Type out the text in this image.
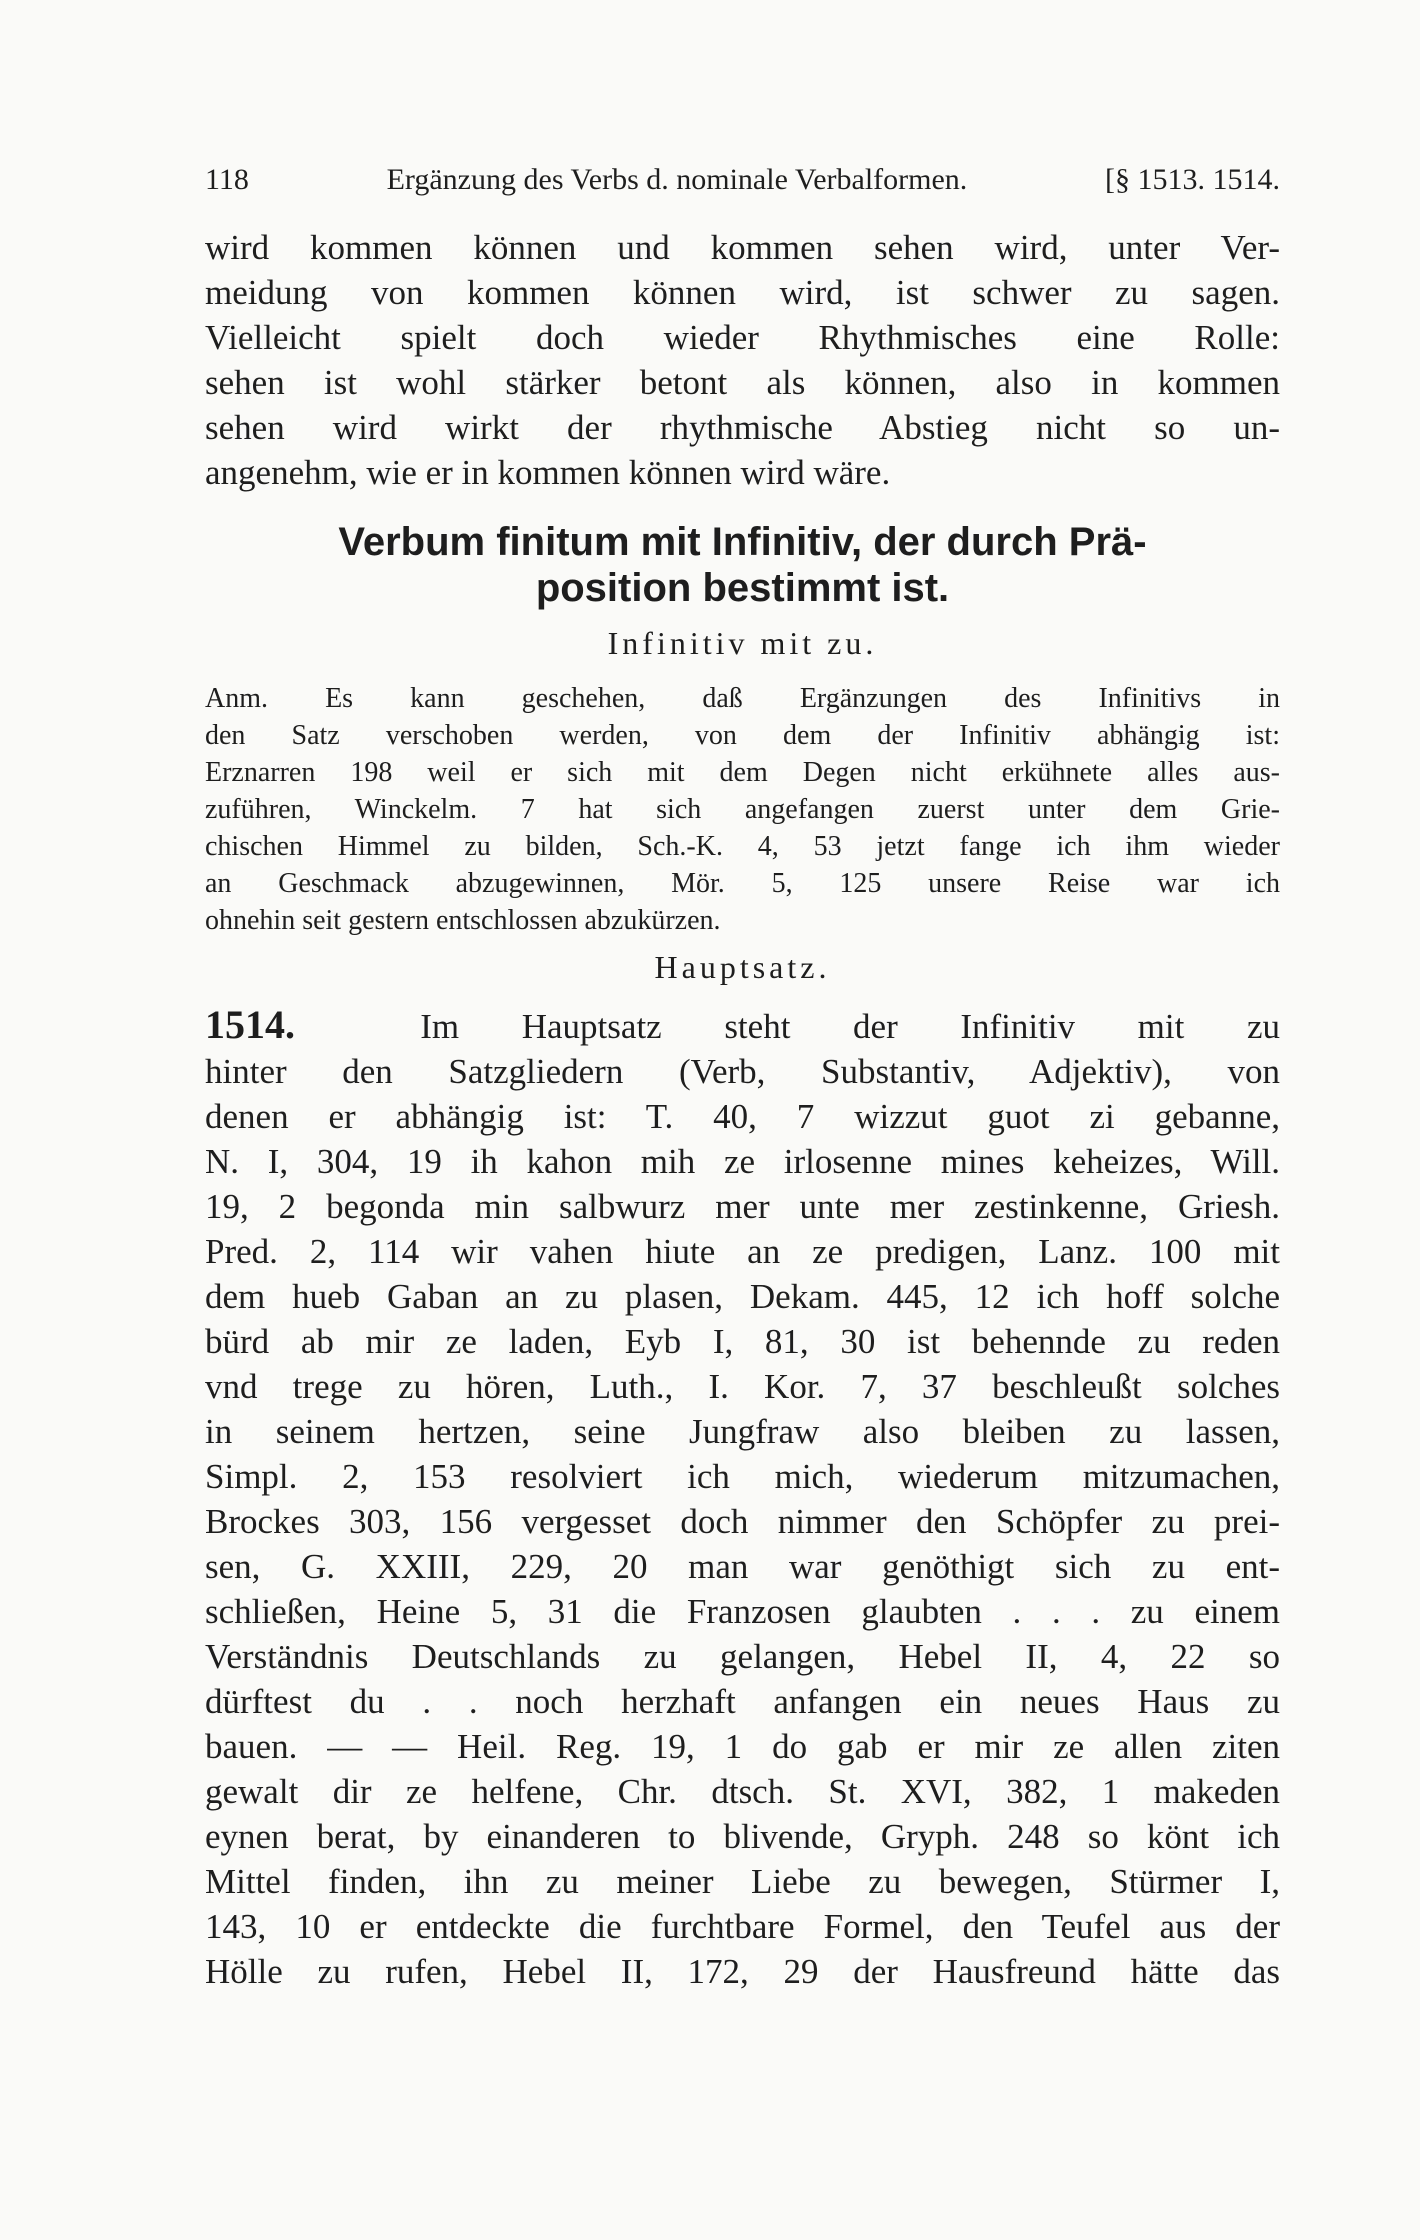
118	Ergänzung des Verbs d. nominale Verbalformen.	[§ 1513. 1514.
wird kommen können und kommen sehen wird, unter Ver-
meidung von kommen können wird, ist schwer zu sagen.
Vielleicht spielt doch wieder Rhythmisches eine Rolle:
sehen ist wohl stärker betont als können, also in kommen
sehen wird wirkt der rhythmische Abstieg nicht so un-
angenehm, wie er in kommen können wird wäre.
Verbum finitum mit Infinitiv, der durch Prä-
position bestimmt ist.
Infinitiv mit zu.
Anm. Es kann geschehen, daß Ergänzungen des Infinitivs in
den Satz verschoben werden, von dem der Infinitiv abhängig ist:
Erznarren 198 weil er sich mit dem Degen nicht erkühnete alles aus-
zuführen, Winckelm. 7 hat sich angefangen zuerst unter dem Grie-
chischen Himmel zu bilden, Sch.-K. 4, 53 jetzt fange ich ihm wieder
an Geschmack abzugewinnen, Mör. 5, 125 unsere Reise war ich
ohnehin seit gestern entschlossen abzukürzen.
Hauptsatz.
1514.	Im Hauptsatz steht der Infinitiv mit zu
hinter den Satzgliedern (Verb, Substantiv, Adjektiv), von
denen er abhängig ist: T. 40, 7 wizzut guot zi gebanne,
N. I, 304, 19 ih kahon mih ze irlosenne mines keheizes, Will.
19, 2 begonda min salbwurz mer unte mer zestinkenne, Griesh.
Pred. 2, 114 wir vahen hiute an ze predigen, Lanz. 100 mit
dem hueb Gaban an zu plasen, Dekam. 445, 12 ich hoff solche
bürd ab mir ze laden, Eyb I, 81, 30 ist behennde zu reden
vnd trege zu hören, Luth., I. Kor. 7, 37 beschleußt solches
in seinem hertzen, seine Jungfraw also bleiben zu lassen,
Simpl. 2, 153 resolviert ich mich, wiederum mitzumachen,
Brockes 303, 156 vergesset doch nimmer den Schöpfer zu prei-
sen, G. XXIII, 229, 20 man war genöthigt sich zu ent-
schließen, Heine 5, 31 die Franzosen glaubten . . . zu einem
Verständnis Deutschlands zu gelangen, Hebel II, 4, 22 so
dürftest du . . noch herzhaft anfangen ein neues Haus zu
bauen. — — Heil. Reg. 19, 1 do gab er mir ze allen ziten
gewalt dir ze helfene, Chr. dtsch. St. XVI, 382, 1 makeden
eynen berat, by einanderen to blivende, Gryph. 248 so könt ich
Mittel finden, ihn zu meiner Liebe zu bewegen, Stürmer I,
143, 10 er entdeckte die furchtbare Formel, den Teufel aus der
Hölle zu rufen, Hebel II, 172, 29 der Hausfreund hätte das
